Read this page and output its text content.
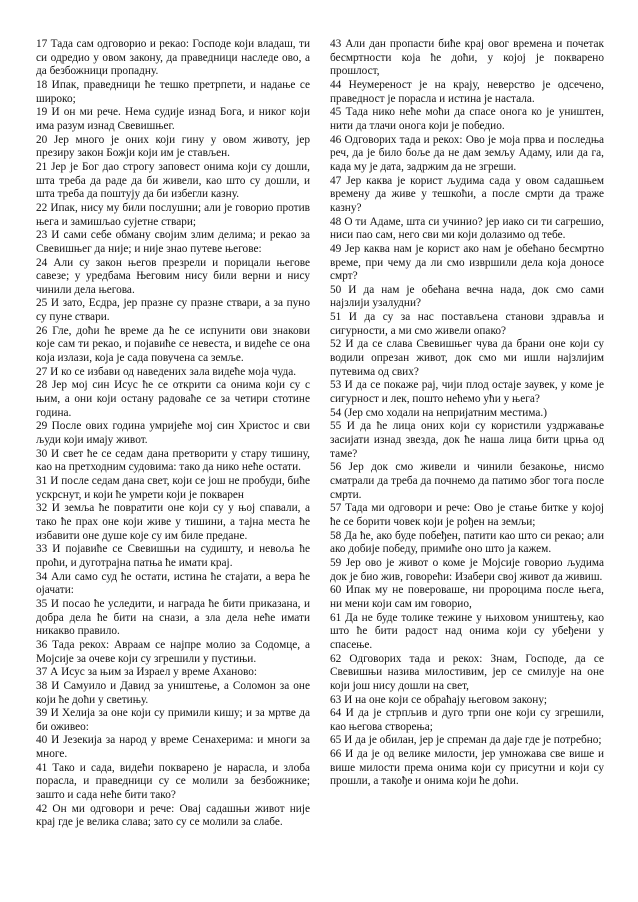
17 Тада сам одговорио и рекао: Господе који владаш, ти си одредио у овом закону, да праведници наследе ово, а да безбожници пропадну.

18 Ипак, праведници ће тешко претрпети, и надање се широко;

19 И он ми рече. Нема судије изнад Бога, и никог који има разум изнад Свевишњег.

20 Јер много је оних који гину у овом животу, јер презиру закон Божји који им је стављен.

21 Јер је Бог дао строгу заповест онима који су дошли, шта треба да раде да би живели, као што су дошли, и шта треба да поштују да би избегли казну.

22 Ипак, нису му били послушни; али је говорио против њега и замишљао сујетне ствари;

23 И сами себе обману својим злим делима; и рекао за Свевишњег да није; и није знао путеве његове:

24 Али су закон његов презрели и порицали његове савезе; у уредбама Његовим нису били верни и нису чинили дела његова.

25 И зато, Есдра, јер празне су празне ствари, а за пуно су пуне ствари.

26 Гле, доћи ће време да ће се испунити ови знакови које сам ти рекао, и појавиће се невеста, и видеће се она која излази, која је сада повучена са земље.

27 И ко се избави од наведених зала видеће моја чуда.

28 Јер мој син Исус ће се открити са онима који су с њим, а они који остану радоваће се за четири стотине година.

29 После ових година умријеће мој син Христос и сви људи који имају живот.

30 И свет ће се седам дана претворити у стару тишину, као на претходним судовима: тако да нико неће остати.

31 И после седам дана свет, који се још не пробуди, биће ускрснут, и који ће умрети који је покварен

32 И земља ће повратити оне који су у њој спавали, а тако ће прах оне који живе у тишини, а тајна места ће избавити оне душе које су им биле предане.

33 И појавиће се Свевишњи на судишту, и невоља ће проћи, и дуготрајна патња ће имати крај.

34 Али само суд ће остати, истина ће стајати, а вера ће ојачати:

35 И посао ће уследити, и награда ће бити приказана, и добра дела ће бити на снази, а зла дела неће имати никакво правило.

36 Тада рекох: Авраам се најпре молио за Содомце, а Мојсије за очеве који су згрешили у пустињи.

37 А Исус за њим за Израел у време Аханово:

38 И Самуило и Давид за уништење, а Соломон за оне који ће доћи у светињу.

39 И Хелија за оне који су примили кишу; и за мртве да би оживео:

40 И Језекија за народ у време Сенахерима: и многи за многе.

41 Тако и сада, видећи покварено је нарасла, и злоба порасла, и праведници су се молили за безбожнике; зашто и сада неће бити тако?

42 Он ми одговори и рече: Овај садашњи живот није крај где је велика слава; зато су се молили за слабе.

43 Али дан пропасти биће крај овог времена и почетак бесмртности која ће доћи, у којој је покварено прошлост,

44 Неумереност је на крају, неверство је одсечено, праведност је порасла и истина је настала.

45 Тада нико неће моћи да спасе онога ко је уништен, нити да тлачи онога који је победио.

46 Одговорих тада и рекох: Ово је моја прва и последња реч, да је било боље да не дам земљу Адаму, или да га, када му је дата, задржим да не згреши.

47 Јер каква је корист људима сада у овом садашњем времену да живе у тешкоћи, а после смрти да траже казну?

48 О ти Адаме, шта си учинио? јер иако си ти сагрешио, ниси пао сам, него сви ми који долазимо од тебе.

49 Јер каква нам је корист ако нам је обећано бесмртно време, при чему да ли смо извршили дела која доносе смрт?

50 И да нам је обећана вечна нада, док смо сами најзлији узалудни?

51 И да су за нас постављена станови здравља и сигурности, а ми смо живели опако?

52 И да се слава Свевишњег чува да брани оне који су водили опрезан живот, док смо ми ишли најзлијим путевима од свих?

53 И да се покаже рај, чији плод остаје заувек, у коме је сигурност и лек, пошто нећемо ући у њега?

54 (Јер смо ходали на непријатним местима.)

55 И да ће лица оних који су користили уздржавање засијати изнад звезда, док ће наша лица бити црња од таме?

56 Јер док смо живели и чинили безакоње, нисмо сматрали да треба да почнемо да патимо због тога после смрти.

57 Тада ми одговори и рече: Ово је стање битке у којој ће се борити човек који је рођен на земљи;

58 Да ће, ако буде побеђен, патити као што си рекао; али ако добије победу, примиће оно што ја кажем.

59 Јер ово је живот о коме је Мојсије говорио људима док је био жив, говорећи: Изабери свој живот да живиш.

60 Ипак му не повероваше, ни пророцима после њега, ни мени који сам им говорио,

61 Да не буде толике тежине у њиховом уништењу, као што ће бити радост над онима који су убеђени у спасење.

62 Одговорих тада и рекох: Знам, Господе, да се Свевишњи назива милостивим, јер се смилује на оне који још нису дошли на свет,

63 И на оне који се обраћају његовом закону;

64 И да је стрпљив и дуго трпи оне који су згрешили, као његова створења;

65 И да је обилан, јер је спреман да даје где је потребно;

66 И да је од велике милости, јер умножава све више и више милости према онима који су присутни и који су прошли, а такође и онима који ће доћи.
